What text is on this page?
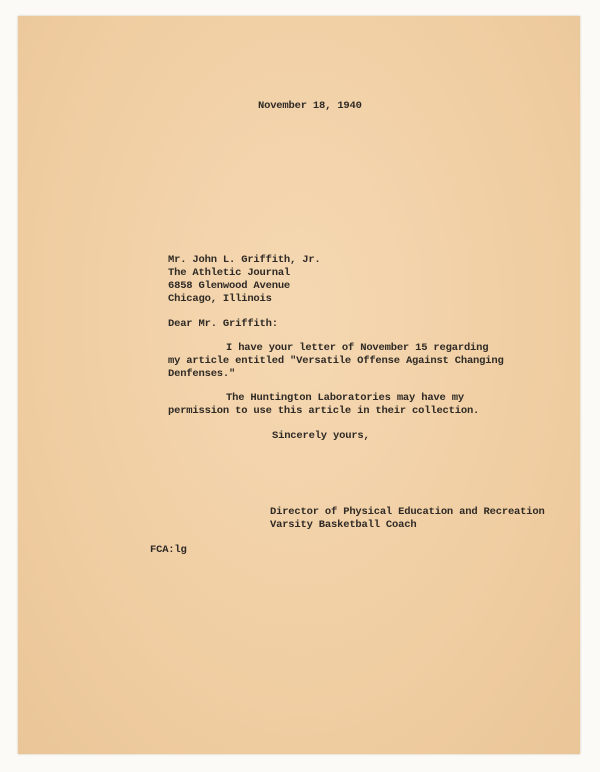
November 18, 1940
Mr. John L. Griffith, Jr.
The Athletic Journal
6858 Glenwood Avenue
Chicago, Illinois
Dear Mr. Griffith:
I have your letter of November 15 regarding
my article entitled "Versatile Offense Against Changing
Denfenses."
The Huntington Laboratories may have my
permission to use this article in their collection.
Sincerely yours,
Director of Physical Education and Recreation
Varsity Basketball Coach
FCA:lg
